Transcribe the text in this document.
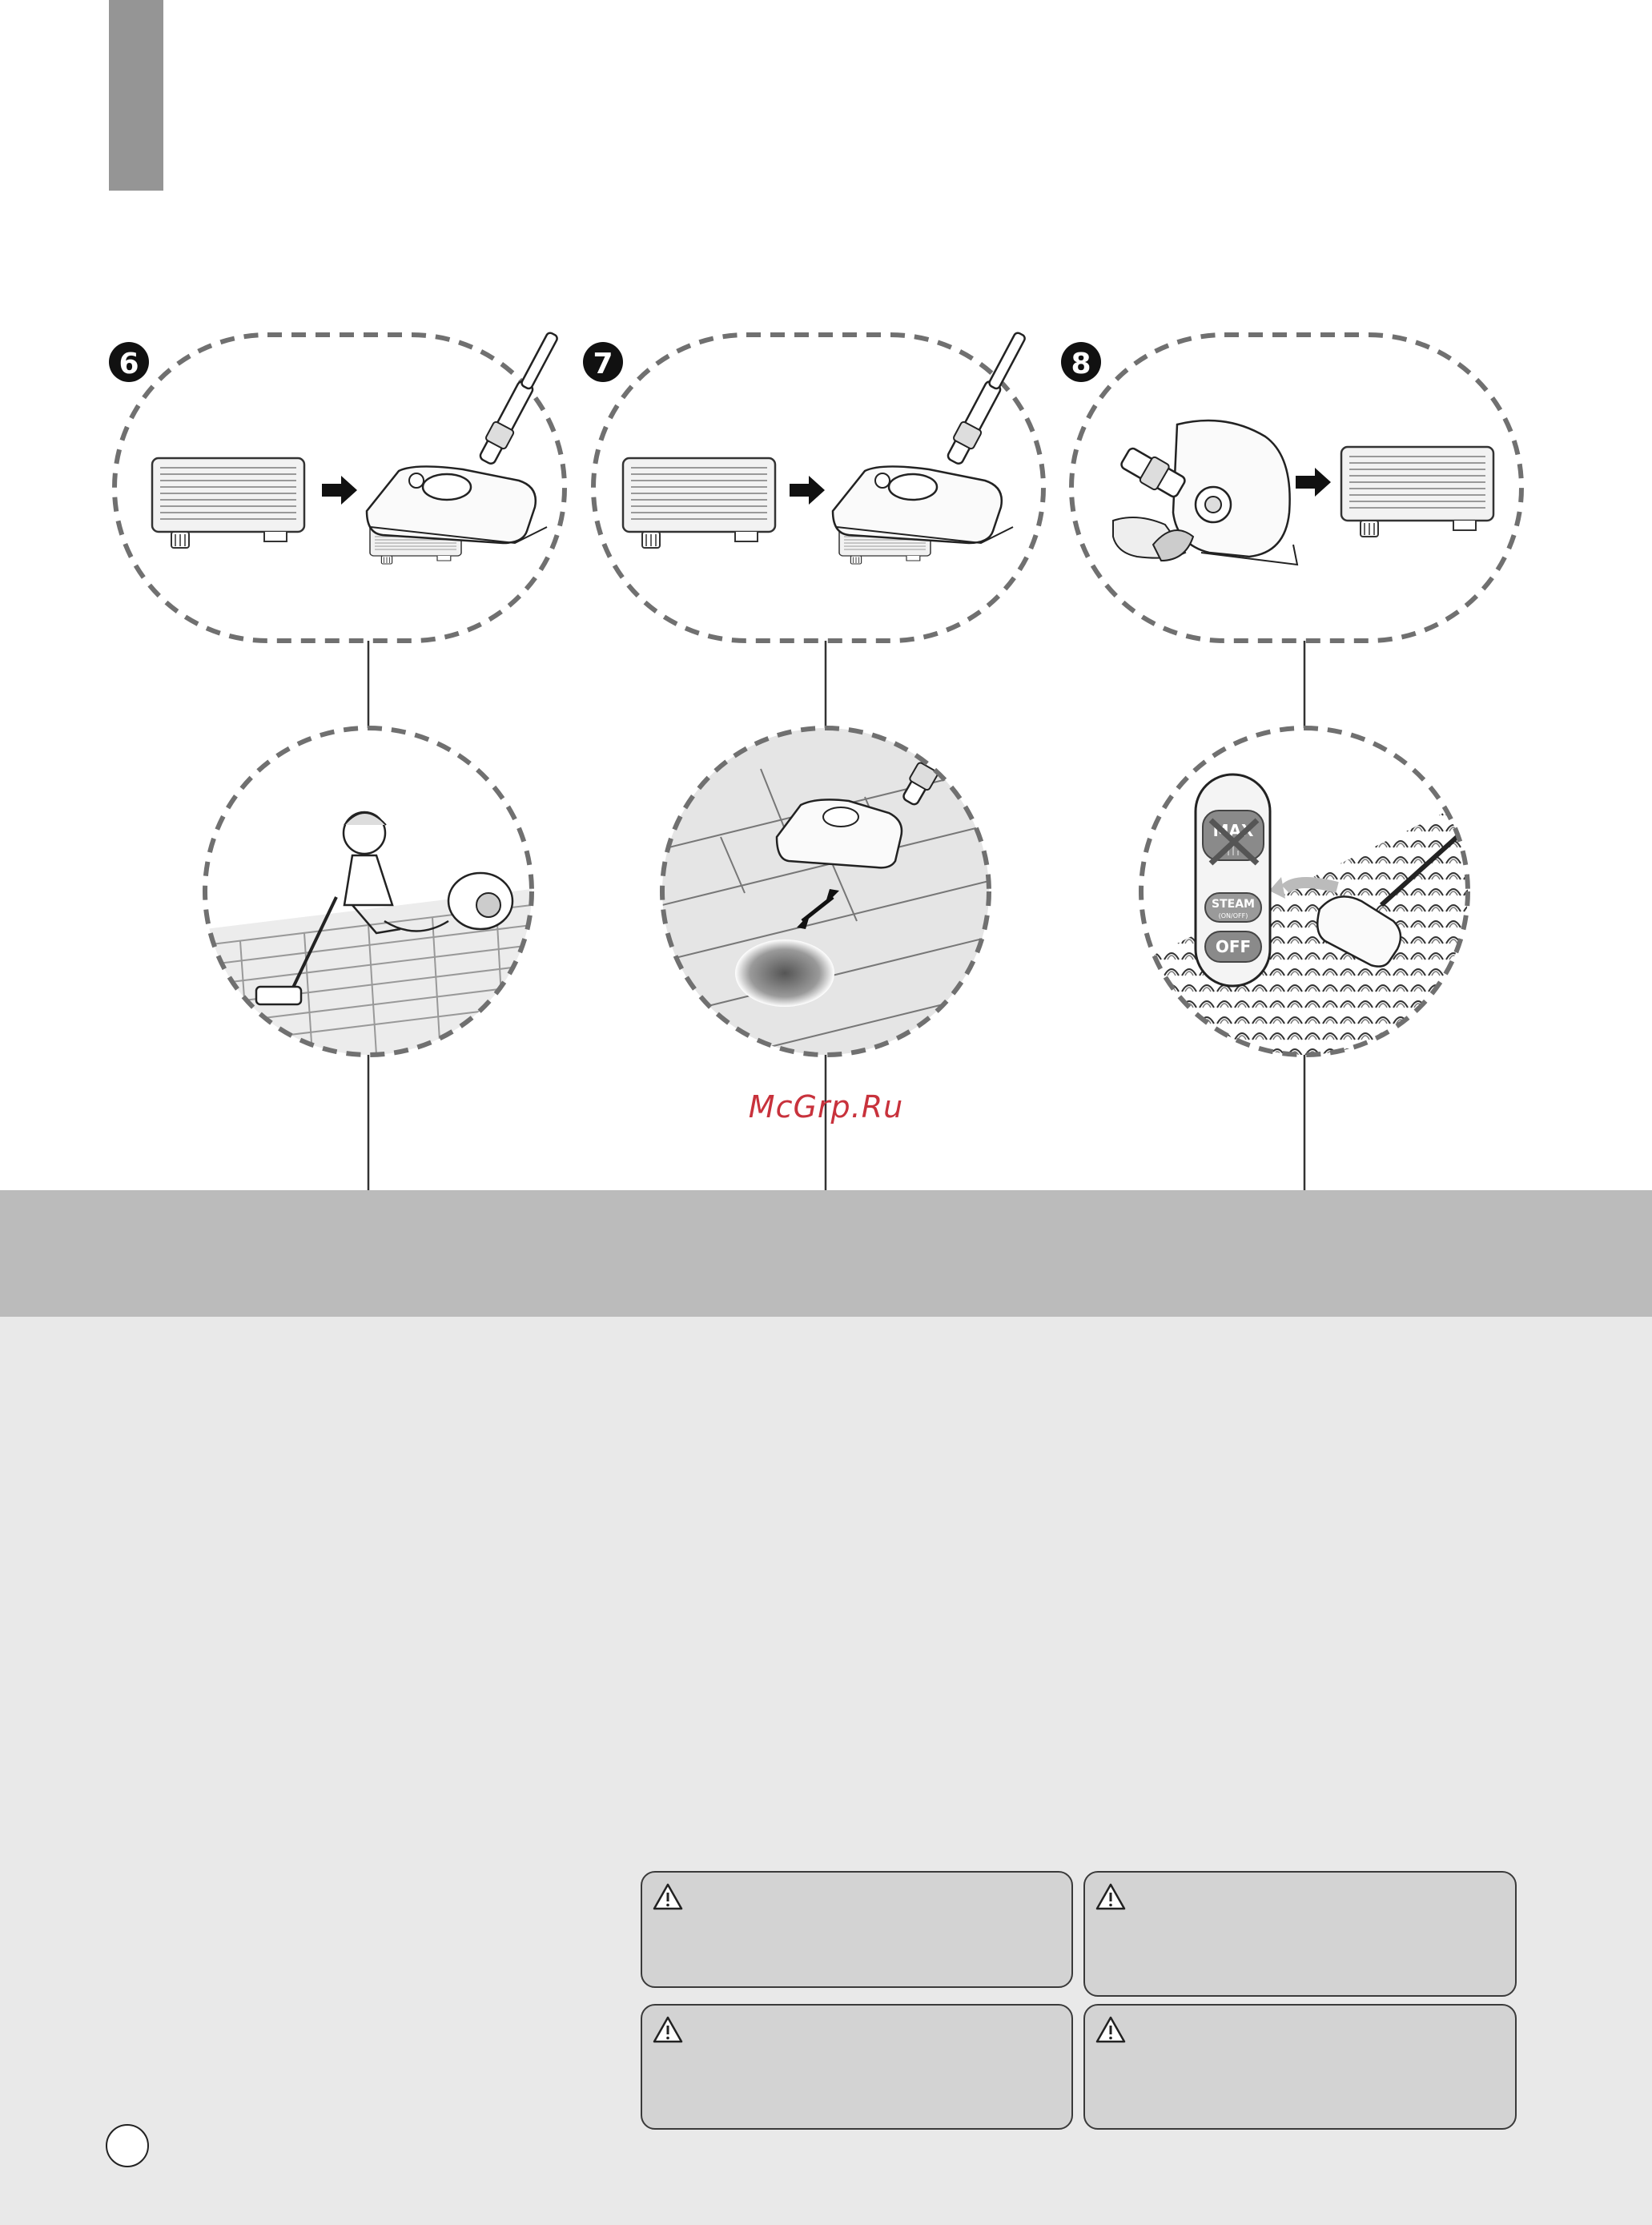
6	7	8
MAX
STEAM
(ON/OFF)
OFF
McGrp.Ru
